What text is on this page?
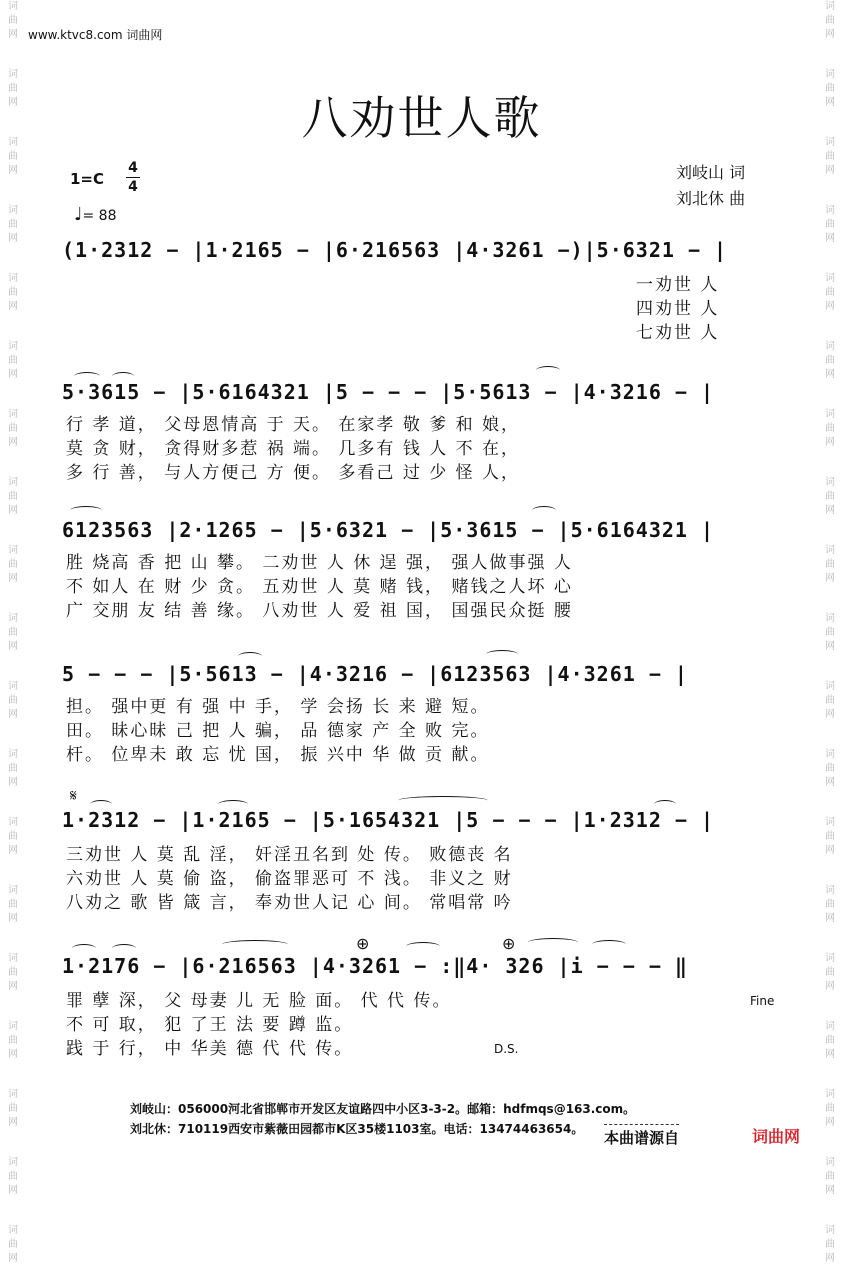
词
曲
网
词
曲
网
词
曲
网
词
曲
网
词
曲
网
词
曲
网
词
曲
网
词
曲
网
词
曲
网
词
曲
网
词
曲
网
词
曲
网
词
曲
网
词
曲
网
词
曲
网
词
曲
网
词
曲
网
词
曲
网
词
曲
网
词
曲
网
词
曲
网
词
曲
网
词
曲
网
词
曲
网
词
曲
网
词
曲
网
词
曲
网
词
曲
网
词
曲
网
词
曲
网
词
曲
网
词
曲
网
词
曲
网
词
曲
网
词
曲
网
词
曲
网
词
曲
网
词
曲
网
www.ktvc8.com 词曲网
八劝世人歌
1=C
4
4
♩= 88
刘岐山 词
刘北休 曲
(1·2312 − |1·2165 − |6·216563 |4·3261 −)|5·6321 − |
一劝世 人
四劝世 人
七劝世 人
5·3615 − |5·6164321 |5 − − − |5·5613 − |4·3216 − |
行 孝 道， 父母恩情高 于 天。 在家孝 敬 爹 和 娘，
莫 贪 财， 贪得财多惹 祸 端。 几多有 钱 人 不 在，
多 行 善， 与人方便己 方 便。 多看己 过 少 怪 人，
6123563 |2·1265 − |5·6321 − |5·3615 − |5·6164321 |
胜 烧高 香 把 山 攀。 二劝世 人 休 逞 强， 强人做事强 人
不 如人 在 财 少 贪。 五劝世 人 莫 赌 钱， 赌钱之人坏 心
广 交朋 友 结 善 缘。 八劝世 人 爱 祖 国， 国强民众挺 腰
5 − − − |5·5613 − |4·3216 − |6123563 |4·3261 − |
担。 强中更 有 强 中 手， 学 会扬 长 来 避 短。
田。 昧心昧 己 把 人 骗， 品 德家 产 全 败 完。
杆。 位卑未 敢 忘 忧 国， 振 兴中 华 做 贡 献。
𝄋
1·2312 − |1·2165 − |5·1654321 |5 − − − |1·2312 − |
三劝世 人 莫 乱 淫， 奸淫丑名到 处 传。 败德丧 名
六劝世 人 莫 偷 盗， 偷盗罪恶可 不 浅。 非义之 财
八劝之 歌 皆 箴 言， 奉劝世人记 心 间。 常唱常 吟
⊕	⊕
1·2176 − |6·216563 |4·3261 − :‖4· 326 |i − − − ‖
罪 孽 深， 父 母妻 儿 无 脸 面。 代 代 传。
不 可 取， 犯 了王 法 要 蹲 监。
践 于 行， 中 华美 德 代 代 传。
Fine
D.S.
刘岐山：056000河北省邯郸市开发区友谊路四中小区3-3-2。邮箱：hdfmqs@163.com。
刘北休：710119西安市紫薇田园都市K区35楼1103室。电话：13474463654。 本曲谱源自	词曲网
